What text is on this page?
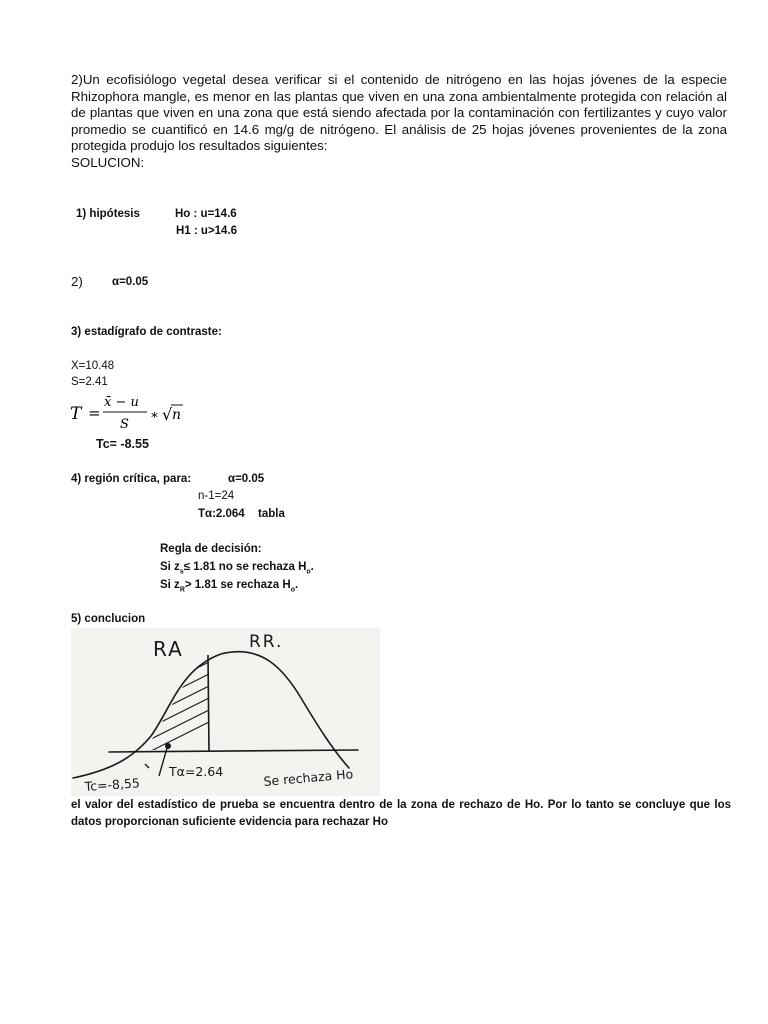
2)Un ecofisiólogo vegetal desea verificar si el contenido de nitrógeno en las hojas jóvenes de la especie Rhizophora mangle, es menor en las plantas que viven en una zona ambientalmente protegida con relación al de plantas que viven en una zona que está siendo afectada por la contaminación con fertilizantes y cuyo valor promedio se cuantificó en 14.6 mg/g de nitrógeno. El análisis de 25 hojas jóvenes provenientes de la zona protegida produjo los resultados siguientes:

SOLUCION:

1) hipótesis	Ho : u=14.6
H1 : u>14.6
2)	α=0.05
3) estadígrafo de contraste:
X=10.48
S=2.41
T =
x̄ − u
S
∗ √ n
Tc= -8.55
4) región crítica, para:	α=0.05
n-1=24
Tα:2.064 tabla
Regla de decisión:
Si $z_s\le 1.81$ no se rechaza $H_o$.
Si $z_R> 1.81$ se rechaza $H_o$.
5) conclucion
RA	RR.
Tc=-8,55
Tα=2.64	Se rechaza Ho

el valor del estadístico de prueba se encuentra dentro de la zona de rechazo de Ho. Por lo tanto se concluye que los datos proporcionan suficiente evidencia para rechazar Ho
